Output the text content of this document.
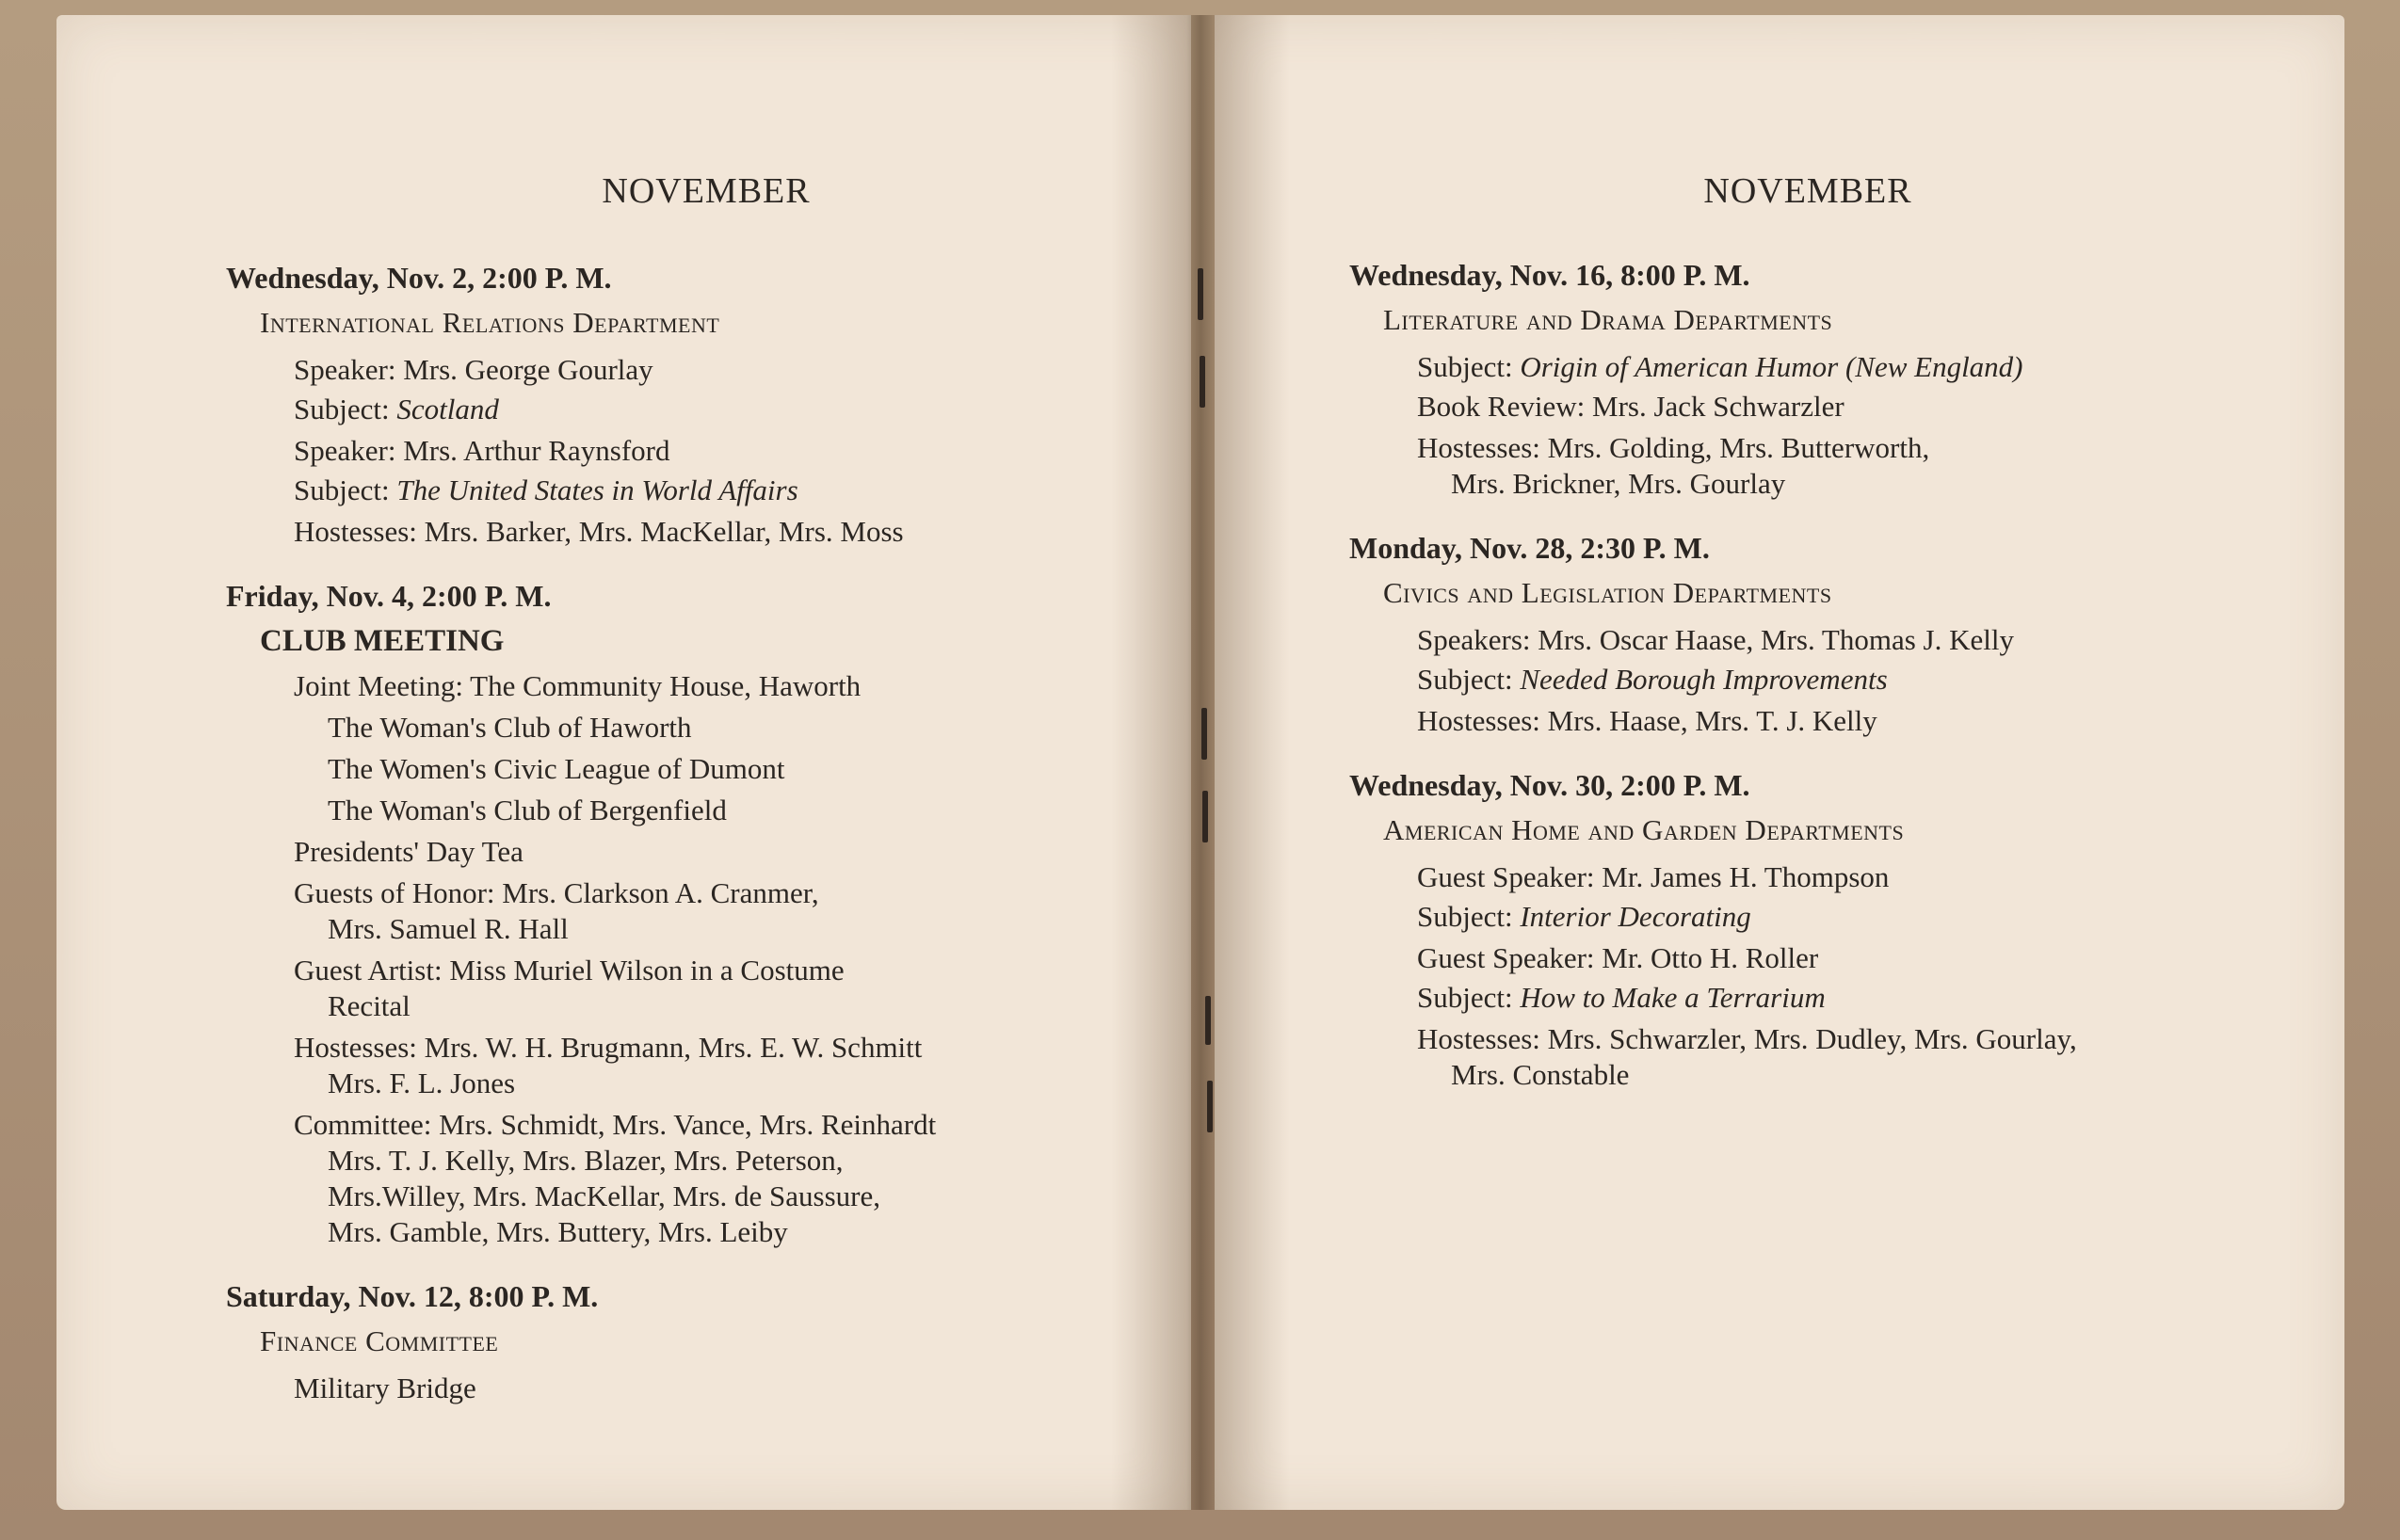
NOVEMBER
Wednesday, Nov. 2, 2:00 P. M.
International Relations Department
Speaker: Mrs. George Gourlay
Subject: Scotland
Speaker: Mrs. Arthur Raynsford
Subject: The United States in World Affairs
Hostesses: Mrs. Barker, Mrs. MacKellar, Mrs. Moss
Friday, Nov. 4, 2:00 P. M.
CLUB MEETING
Joint Meeting: The Community House, Haworth
The Woman's Club of Haworth
The Women's Civic League of Dumont
The Woman's Club of Bergenfield
Presidents' Day Tea
Guests of Honor: Mrs. Clarkson A. Cranmer,
Mrs. Samuel R. Hall
Guest Artist: Miss Muriel Wilson in a Costume
Recital
Hostesses: Mrs. W. H. Brugmann, Mrs. E. W. Schmitt
Mrs. F. L. Jones
Committee: Mrs. Schmidt, Mrs. Vance, Mrs. Reinhardt
Mrs. T. J. Kelly, Mrs. Blazer, Mrs. Peterson,
Mrs.Willey, Mrs. MacKellar, Mrs. de Saussure,
Mrs. Gamble, Mrs. Buttery, Mrs. Leiby
Saturday, Nov. 12, 8:00 P. M.
Finance Committee
Military Bridge
NOVEMBER
Wednesday, Nov. 16, 8:00 P. M.
Literature and Drama Departments
Subject: Origin of American Humor (New England)
Book Review: Mrs. Jack Schwarzler
Hostesses: Mrs. Golding, Mrs. Butterworth,
Mrs. Brickner, Mrs. Gourlay
Monday, Nov. 28, 2:30 P. M.
Civics and Legislation Departments
Speakers: Mrs. Oscar Haase, Mrs. Thomas J. Kelly
Subject: Needed Borough Improvements
Hostesses: Mrs. Haase, Mrs. T. J. Kelly
Wednesday, Nov. 30, 2:00 P. M.
American Home and Garden Departments
Guest Speaker: Mr. James H. Thompson
Subject: Interior Decorating
Guest Speaker: Mr. Otto H. Roller
Subject: How to Make a Terrarium
Hostesses: Mrs. Schwarzler, Mrs. Dudley, Mrs. Gourlay,
Mrs. Constable
